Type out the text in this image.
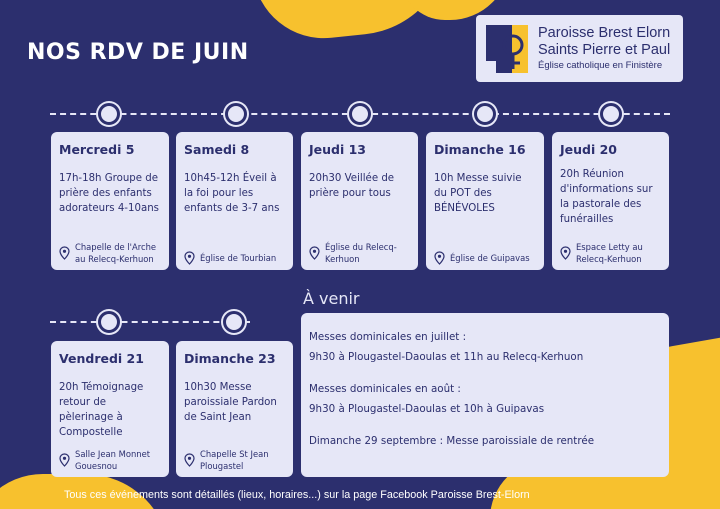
NOS RDV DE JUIN
Paroisse Brest Elorn
Saints Pierre et Paul
Église catholique en Finistère
Mercredi 5
17h-18h Groupe de prière des enfants adorateurs 4-10ans
Chapelle de l'Arche au Relecq-Kerhuon
Samedi 8
10h45-12h Éveil à la foi pour les enfants de 3-7 ans
Église de Tourbian
Jeudi 13
20h30 Veillée de prière pour tous
Église du Relecq-Kerhuon
Dimanche 16
10h Messe suivie du POT des BÉNÉVOLES
Église de Guipavas
Jeudi 20
20h Réunion d'informations sur la pastorale des funérailles
Espace Letty au Relecq-Kerhuon
Vendredi 21
20h Témoignage retour de pèlerinage à Compostelle
Salle Jean Monnet Gouesnou
Dimanche 23
10h30 Messe paroissiale Pardon de Saint Jean
Chapelle St Jean Plougastel
À venir
Messes dominicales en juillet :
9h30 à Plougastel-Daoulas et 11h au Relecq-Kerhuon
Messes dominicales en août :
9h30 à Plougastel-Daoulas et 10h à Guipavas
Dimanche 29 septembre : Messe paroissiale de rentrée
Tous ces événements sont détaillés (lieux, horaires...) sur la page Facebook Paroisse Brest-Elorn
